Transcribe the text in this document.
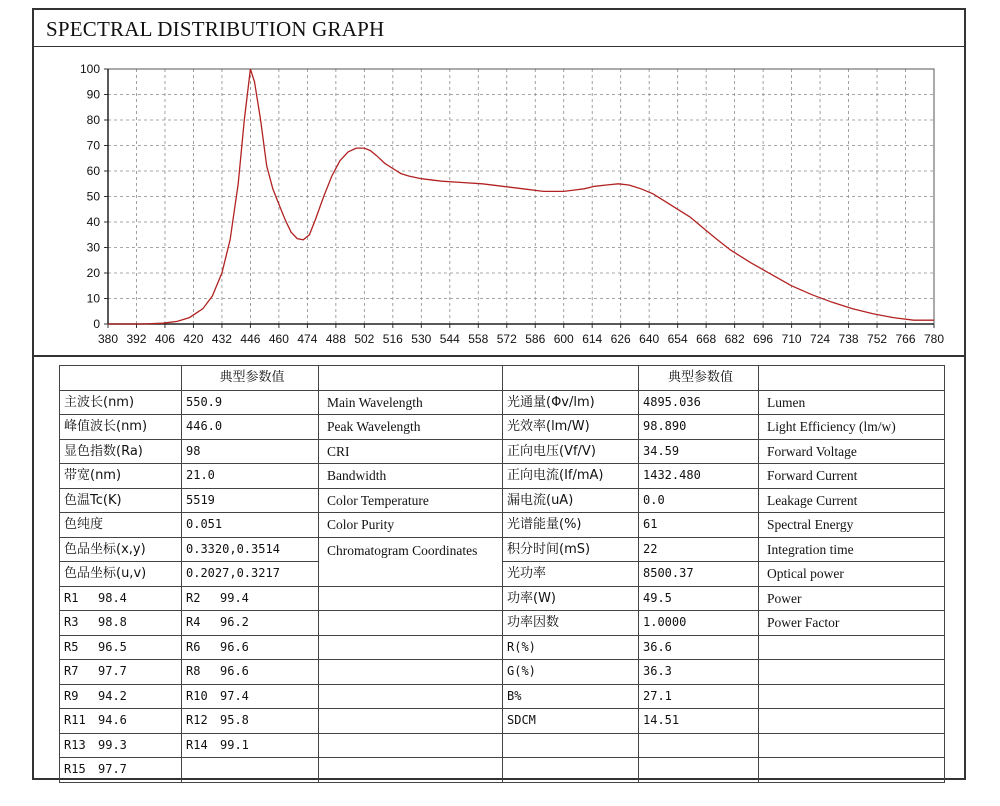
SPECTRAL DISTRIBUTION GRAPH
0
10
20
30
40
50
60
70
80
90
100
380 392 406 420 432 446 460 474 488 502 516 530 544 558 572 586 600 614 626 640 654 668 682 696 710 724 738 752 766 780
	典型参数值			典型参数值	
主波长(nm)	550.9	Main Wavelength	光通量(Φv/lm)	4895.036	Lumen
峰值波长(nm)	446.0	Peak Wavelength	光效率(lm/W)	98.890	Light Efficiency (lm/w)
显色指数(Ra)	98	CRI	正向电压(Vf/V)	34.59	Forward Voltage
带宽(nm)	21.0	Bandwidth	正向电流(If/mA)	1432.480	Forward Current
色温Tc(K)	5519	Color Temperature	漏电流(uA)	0.0	Leakage Current
色纯度	0.051	Color Purity	光谱能量(%)	61	Spectral Energy
色品坐标(x,y)	0.3320,0.3514	Chromatogram Coordinates	积分时间(mS)	22	Integration time
色品坐标(u,v)	0.2027,0.3217		光功率	8500.37	Optical power
R1 98.4	R2 99.4		功率(W)	49.5	Power
R3 98.8	R4 96.2		功率因数	1.0000	Power Factor
R5 96.5	R6 96.6		R(%)	36.6	
R7 97.7	R8 96.6		G(%)	36.3	
R9 94.2	R10 97.4		B%	27.1	
R11 94.6	R12 95.8		SDCM	14.51	
R13 99.3	R14 99.1				
R15 97.7					
